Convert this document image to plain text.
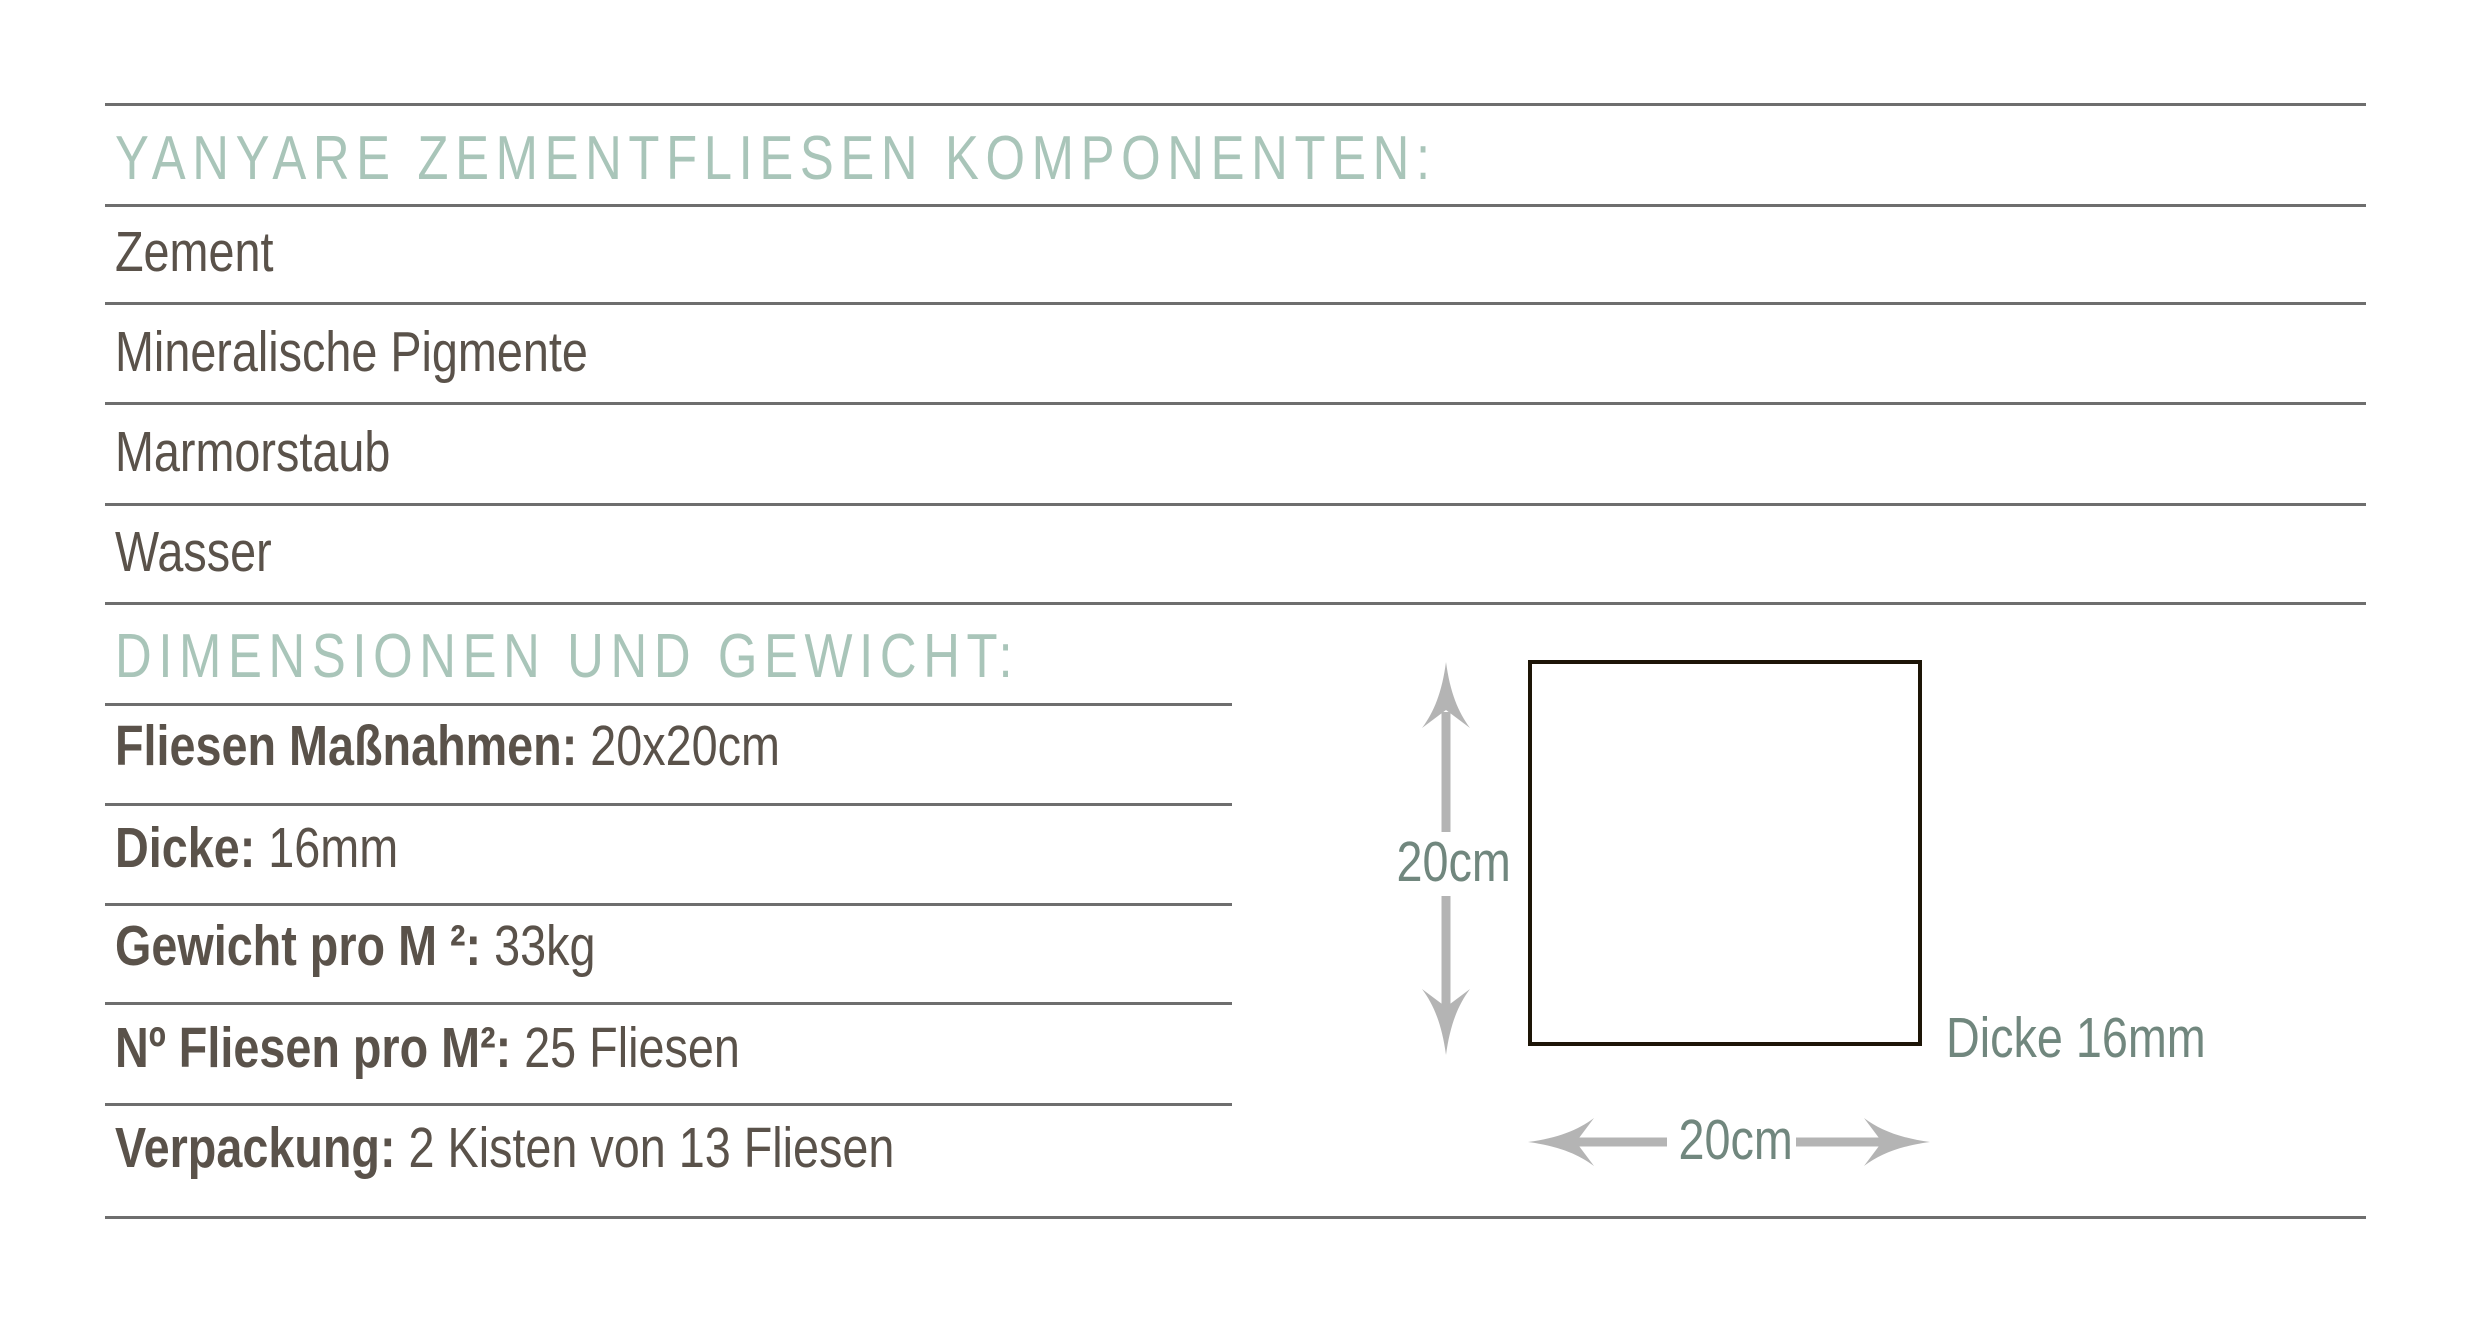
YANYARE ZEMENTFLIESEN KOMPONENTEN:
Zement
Mineralische Pigmente
Marmorstaub
Wasser
DIMENSIONEN UND GEWICHT:
Fliesen Maßnahmen: 20x20cm
Dicke: 16mm
Gewicht pro M ²: 33kg
Nº Fliesen pro M²: 25 Fliesen
Verpackung: 2 Kisten von 13 Fliesen
20cm
20cm
Dicke 16mm
